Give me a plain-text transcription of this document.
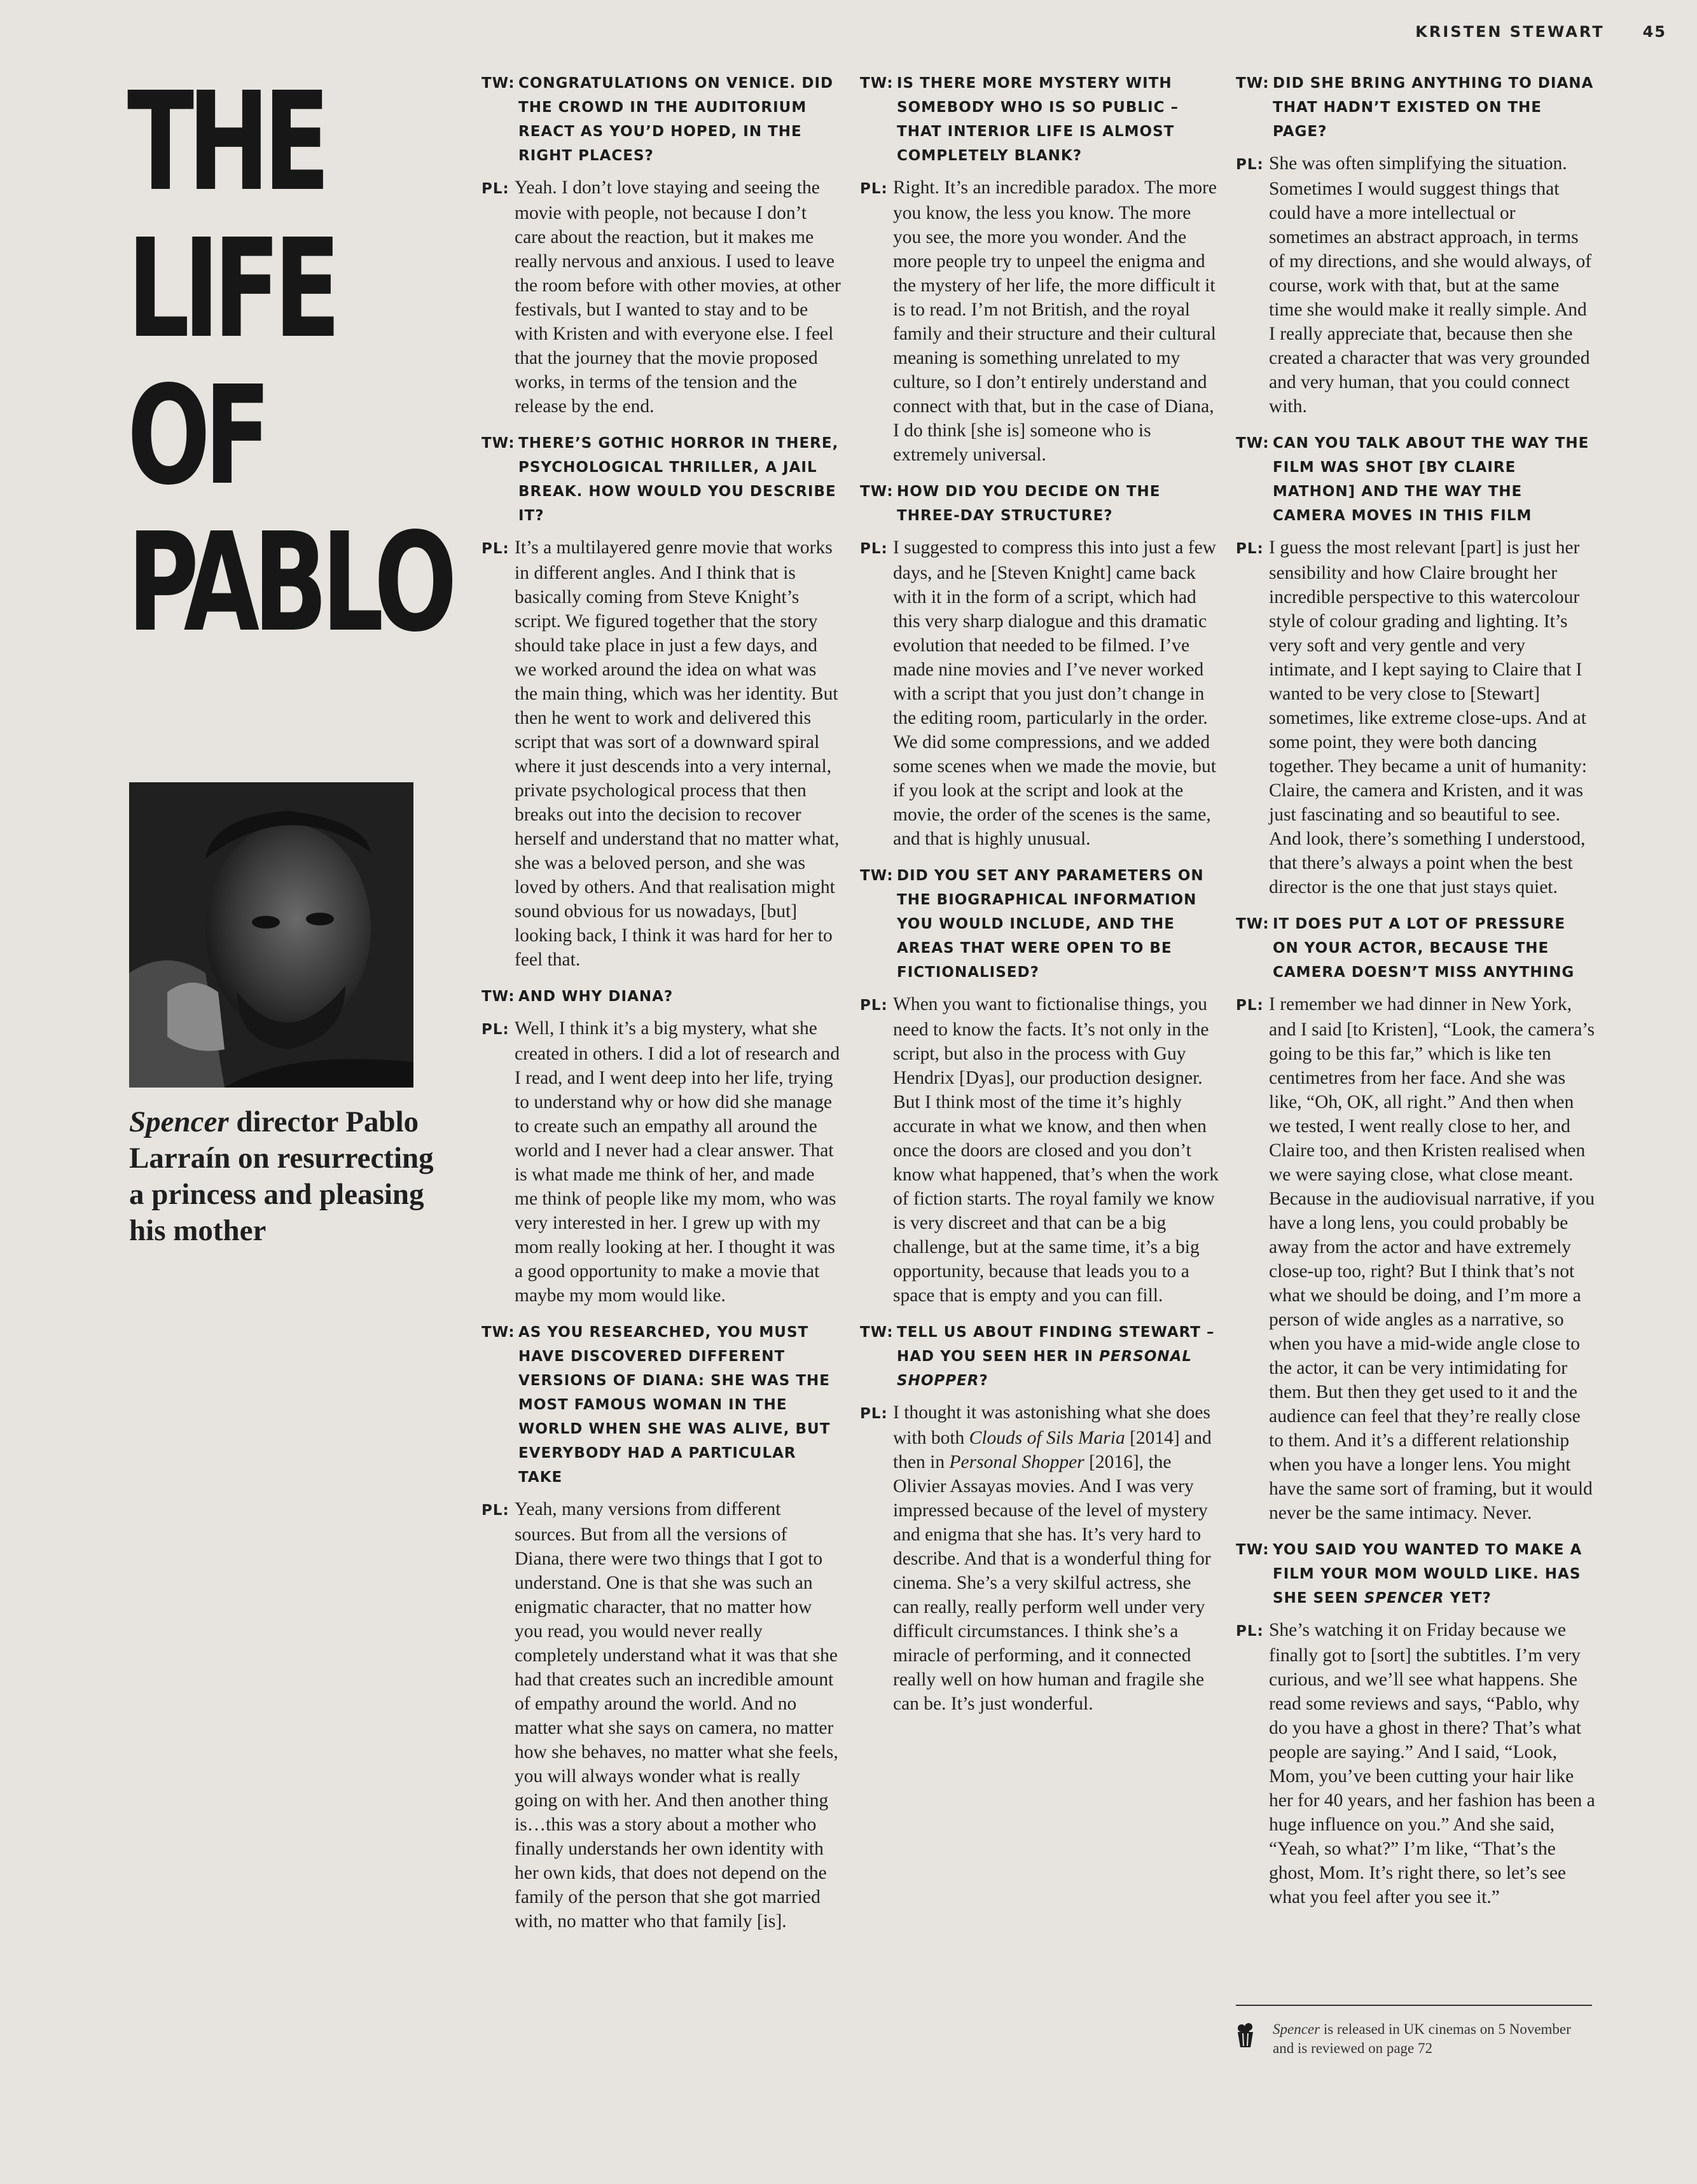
KRISTEN STEWART	45
THE
LIFE
OF
PABLO
Spencer director Pablo Larraín on resurrecting a princess and pleasing his mother

TW: CONGRATULATIONS ON VENICE. DID THE CROWD IN THE AUDITORIUM REACT AS YOU’D HOPED, IN THE RIGHT PLACES?

PL: Yeah. I don’t love staying and seeing the movie with people, not because I don’t care about the reaction, but it makes me really nervous and anxious. I used to leave the room before with other movies, at other festivals, but I wanted to stay and to be with Kristen and with everyone else. I feel that the journey that the movie proposed works, in terms of the tension and the release by the end.

TW: THERE’S GOTHIC HORROR IN THERE, PSYCHOLOGICAL THRILLER, A JAIL BREAK. HOW WOULD YOU DESCRIBE IT?

PL: It’s a multilayered genre movie that works in different angles. And I think that is basically coming from Steve Knight’s script. We figured together that the story should take place in just a few days, and we worked around the idea on what was the main thing, which was her identity. But then he went to work and delivered this script that was sort of a downward spiral where it just descends into a very internal, private psychological process that then breaks out into the decision to recover herself and understand that no matter what, she was a beloved person, and she was loved by others. And that realisation might sound obvious for us nowadays, [but] looking back, I think it was hard for her to feel that.

TW: AND WHY DIANA?

PL: Well, I think it’s a big mystery, what she created in others. I did a lot of research and I read, and I went deep into her life, trying to understand why or how did she manage to create such an empathy all around the world and I never had a clear answer. That is what made me think of her, and made me think of people like my mom, who was very interested in her. I grew up with my mom really looking at her. I thought it was a good opportunity to make a movie that maybe my mom would like.

TW: AS YOU RESEARCHED, YOU MUST HAVE DISCOVERED DIFFERENT VERSIONS OF DIANA: SHE WAS THE MOST FAMOUS WOMAN IN THE WORLD WHEN SHE WAS ALIVE, BUT EVERYBODY HAD A PARTICULAR TAKE

PL: Yeah, many versions from different sources. But from all the versions of Diana, there were two things that I got to understand. One is that she was such an enigmatic character, that no matter how you read, you would never really completely understand what it was that she had that creates such an incredible amount of empathy around the world. And no matter what she says on camera, no matter how she behaves, no matter what she feels, you will always wonder what is really going on with her. And then another thing is…this was a story about a mother who finally understands her own identity with her own kids, that does not depend on the family of the person that she got married with, no matter who that family [is].

TW: IS THERE MORE MYSTERY WITH SOMEBODY WHO IS SO PUBLIC – THAT INTERIOR LIFE IS ALMOST COMPLETELY BLANK?

PL: Right. It’s an incredible paradox. The more you know, the less you know. The more you see, the more you wonder. And the more people try to unpeel the enigma and the mystery of her life, the more difficult it is to read. I’m not British, and the royal family and their structure and their cultural meaning is something unrelated to my culture, so I don’t entirely understand and connect with that, but in the case of Diana, I do think [she is] someone who is extremely universal.

TW: HOW DID YOU DECIDE ON THE THREE-DAY STRUCTURE?

PL: I suggested to compress this into just a few days, and he [Steven Knight] came back with it in the form of a script, which had this very sharp dialogue and this dramatic evolution that needed to be filmed. I’ve made nine movies and I’ve never worked with a script that you just don’t change in the editing room, particularly in the order. We did some compressions, and we added some scenes when we made the movie, but if you look at the script and look at the movie, the order of the scenes is the same, and that is highly unusual.

TW: DID YOU SET ANY PARAMETERS ON THE BIOGRAPHICAL INFORMATION YOU WOULD INCLUDE, AND THE AREAS THAT WERE OPEN TO BE FICTIONALISED?

PL: When you want to fictionalise things, you need to know the facts. It’s not only in the script, but also in the process with Guy Hendrix [Dyas], our production designer. But I think most of the time it’s highly accurate in what we know, and then when once the doors are closed and you don’t know what happened, that’s when the work of fiction starts. The royal family we know is very discreet and that can be a big challenge, but at the same time, it’s a big opportunity, because that leads you to a space that is empty and you can fill.

TW: TELL US ABOUT FINDING STEWART – HAD YOU SEEN HER IN PERSONAL SHOPPER?

PL: I thought it was astonishing what she does with both Clouds of Sils Maria [2014] and then in Personal Shopper [2016], the Olivier Assayas movies. And I was very impressed because of the level of mystery and enigma that she has. It’s very hard to describe. And that is a wonderful thing for cinema. She’s a very skilful actress, she can really, really perform well under very difficult circumstances. I think she’s a miracle of performing, and it connected really well on how human and fragile she can be. It’s just wonderful.

TW: DID SHE BRING ANYTHING TO DIANA THAT HADN’T EXISTED ON THE PAGE?

PL: She was often simplifying the situation. Sometimes I would suggest things that could have a more intellectual or sometimes an abstract approach, in terms of my directions, and she would always, of course, work with that, but at the same time she would make it really simple. And I really appreciate that, because then she created a character that was very grounded and very human, that you could connect with.

TW: CAN YOU TALK ABOUT THE WAY THE FILM WAS SHOT [BY CLAIRE MATHON] AND THE WAY THE CAMERA MOVES IN THIS FILM

PL: I guess the most relevant [part] is just her sensibility and how Claire brought her incredible perspective to this watercolour style of colour grading and lighting. It’s very soft and very gentle and very intimate, and I kept saying to Claire that I wanted to be very close to [Stewart] sometimes, like extreme close-ups. And at some point, they were both dancing together. They became a unit of humanity: Claire, the camera and Kristen, and it was just fascinating and so beautiful to see. And look, there’s something I understood, that there’s always a point when the best director is the one that just stays quiet.

TW: IT DOES PUT A LOT OF PRESSURE ON YOUR ACTOR, BECAUSE THE CAMERA DOESN’T MISS ANYTHING

PL: I remember we had dinner in New York, and I said [to Kristen], “Look, the camera’s going to be this far,” which is like ten centimetres from her face. And she was like, “Oh, OK, all right.” And then when we tested, I went really close to her, and Claire too, and then Kristen realised when we were saying close, what close meant. Because in the audiovisual narrative, if you have a long lens, you could probably be away from the actor and have extremely close-up too, right? But I think that’s not what we should be doing, and I’m more a person of wide angles as a narrative, so when you have a mid-wide angle close to the actor, it can be very intimidating for them. But then they get used to it and the audience can feel that they’re really close to them. And it’s a different relationship when you have a longer lens. You might have the same sort of framing, but it would never be the same intimacy. Never.

TW: YOU SAID YOU WANTED TO MAKE A FILM YOUR MOM WOULD LIKE. HAS SHE SEEN SPENCER YET?

PL: She’s watching it on Friday because we finally got to [sort] the subtitles. I’m very curious, and we’ll see what happens. She read some reviews and says, “Pablo, why do you have a ghost in there? That’s what people are saying.” And I said, “Look, Mom, you’ve been cutting your hair like her for 40 years, and her fashion has been a huge influence on you.” And she said, “Yeah, so what?” I’m like, “That’s the ghost, Mom. It’s right there, so let’s see what you feel after you see it.”

Spencer is released in UK cinemas on 5 November and is reviewed on page 72
